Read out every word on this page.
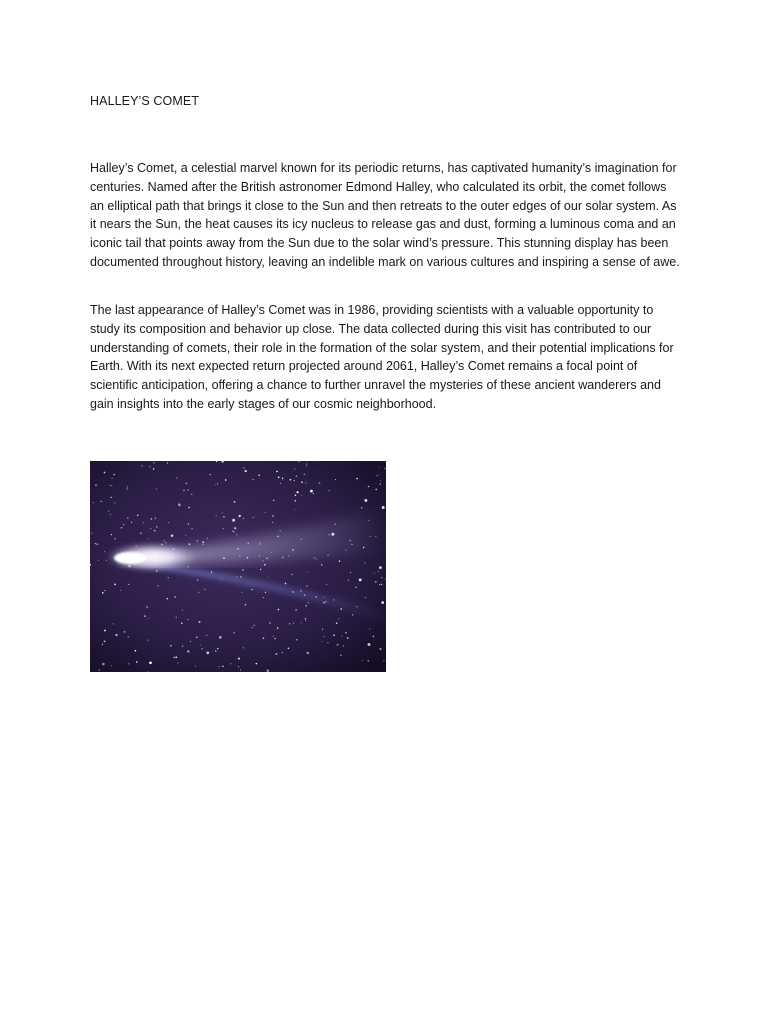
HALLEY’S COMET

Halley’s Comet, a celestial marvel known for its periodic returns, has captivated humanity’s imagination for centuries. Named after the British astronomer Edmond Halley, who calculated its orbit, the comet follows an elliptical path that brings it close to the Sun and then retreats to the outer edges of our solar system. As it nears the Sun, the heat causes its icy nucleus to release gas and dust, forming a luminous coma and an iconic tail that points away from the Sun due to the solar wind’s pressure. This stunning display has been documented throughout history, leaving an indelible mark on various cultures and inspiring a sense of awe.

The last appearance of Halley’s Comet was in 1986, providing scientists with a valuable opportunity to study its composition and behavior up close. The data collected during this visit has contributed to our understanding of comets, their role in the formation of the solar system, and their potential implications for Earth. With its next expected return projected around 2061, Halley’s Comet remains a focal point of scientific anticipation, offering a chance to further unravel the mysteries of these ancient wanderers and gain insights into the early stages of our cosmic neighborhood.
